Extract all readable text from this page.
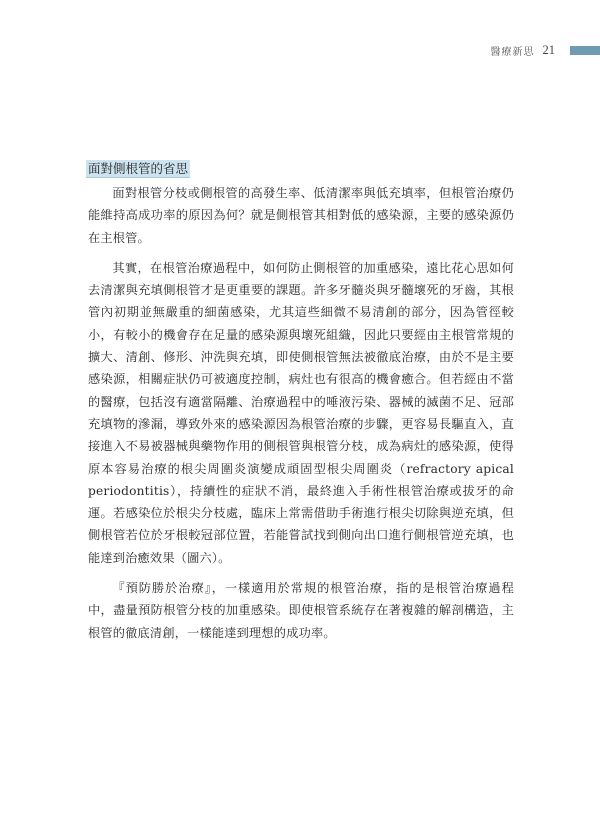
醫療新思 21
面對側根管的省思

面對根管分枝或側根管的高發生率、低清潔率與低充填率，但根管治療仍能維持高成功率的原因為何？就是側根管其相對低的感染源，主要的感染源仍在主根管。

其實，在根管治療過程中，如何防止側根管的加重感染，遠比花心思如何去清潔與充填側根管才是更重要的課題。許多牙髓炎與牙髓壞死的牙齒，其根管內初期並無嚴重的細菌感染，尤其這些細微不易清創的部分，因為管徑較小，有較小的機會存在足量的感染源與壞死組織，因此只要經由主根管常規的擴大、清創、修形、沖洗與充填，即使側根管無法被徹底治療，由於不是主要感染源，相關症狀仍可被適度控制，病灶也有很高的機會癒合。但若經由不當的醫療，包括沒有適當隔離、治療過程中的唾液污染、器械的滅菌不足、冠部充填物的滲漏，導致外來的感染源因為根管治療的步驟，更容易長驅直入，直接進入不易被器械與藥物作用的側根管與根管分枝，成為病灶的感染源，使得原本容易治療的根尖周圍炎演變成頑固型根尖周圍炎（refractory apical periodontitis），持續性的症狀不消，最終進入手術性根管治療或拔牙的命運。若感染位於根尖分枝處，臨床上常需借助手術進行根尖切除與逆充填，但側根管若位於牙根較冠部位置，若能嘗試找到側向出口進行側根管逆充填，也能達到治癒效果（圖六）。

『預防勝於治療』，一樣適用於常規的根管治療，指的是根管治療過程中，盡量預防根管分枝的加重感染。即使根管系統存在著複雜的解剖構造，主根管的徹底清創，一樣能達到理想的成功率。
